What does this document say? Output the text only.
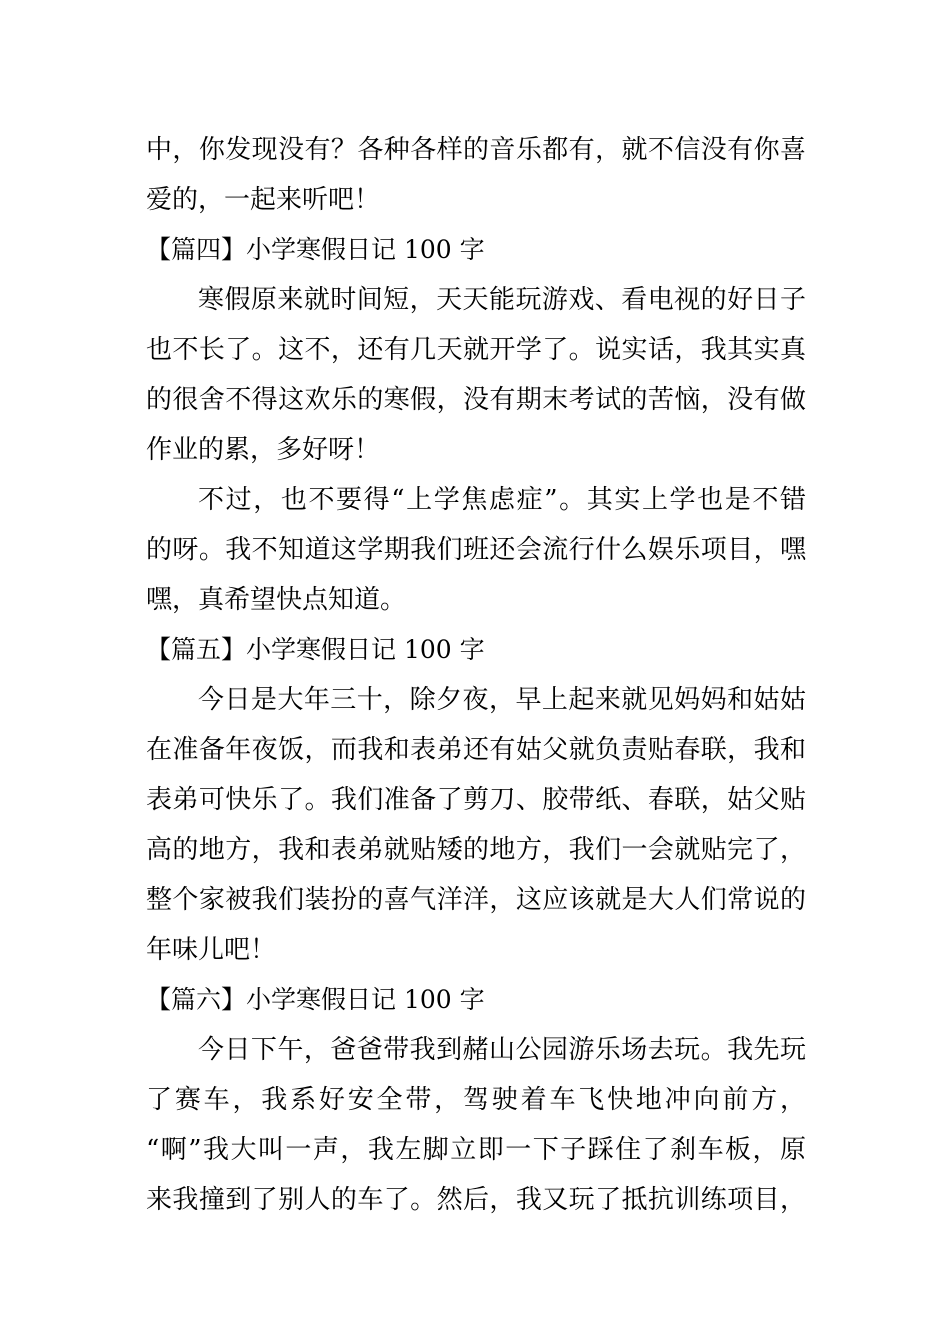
中，你发现没有？各种各样的音乐都有，就不信没有你喜
爱的，一起来听吧！
【篇四】小学寒假日记 100 字
寒假原来就时间短，天天能玩游戏、看电视的好日子
也不长了。这不，还有几天就开学了。说实话，我其实真
的很舍不得这欢乐的寒假，没有期末考试的苦恼，没有做
作业的累，多好呀！
不过，也不要得“上学焦虑症”。其实上学也是不错
的呀。我不知道这学期我们班还会流行什么娱乐项目，嘿
嘿，真希望快点知道。
【篇五】小学寒假日记 100 字
今日是大年三十，除夕夜，早上起来就见妈妈和姑姑
在准备年夜饭，而我和表弟还有姑父就负责贴春联，我和
表弟可快乐了。我们准备了剪刀、胶带纸、春联，姑父贴
高的地方，我和表弟就贴矮的地方，我们一会就贴完了，
整个家被我们装扮的喜气洋洋，这应该就是大人们常说的
年味儿吧！
【篇六】小学寒假日记 100 字
今日下午，爸爸带我到赭山公园游乐场去玩。我先玩
了赛车，我系好安全带，驾驶着车飞快地冲向前方，
“啊”我大叫一声，我左脚立即一下子踩住了刹车板，原
来我撞到了别人的车了。然后，我又玩了抵抗训练项目，
